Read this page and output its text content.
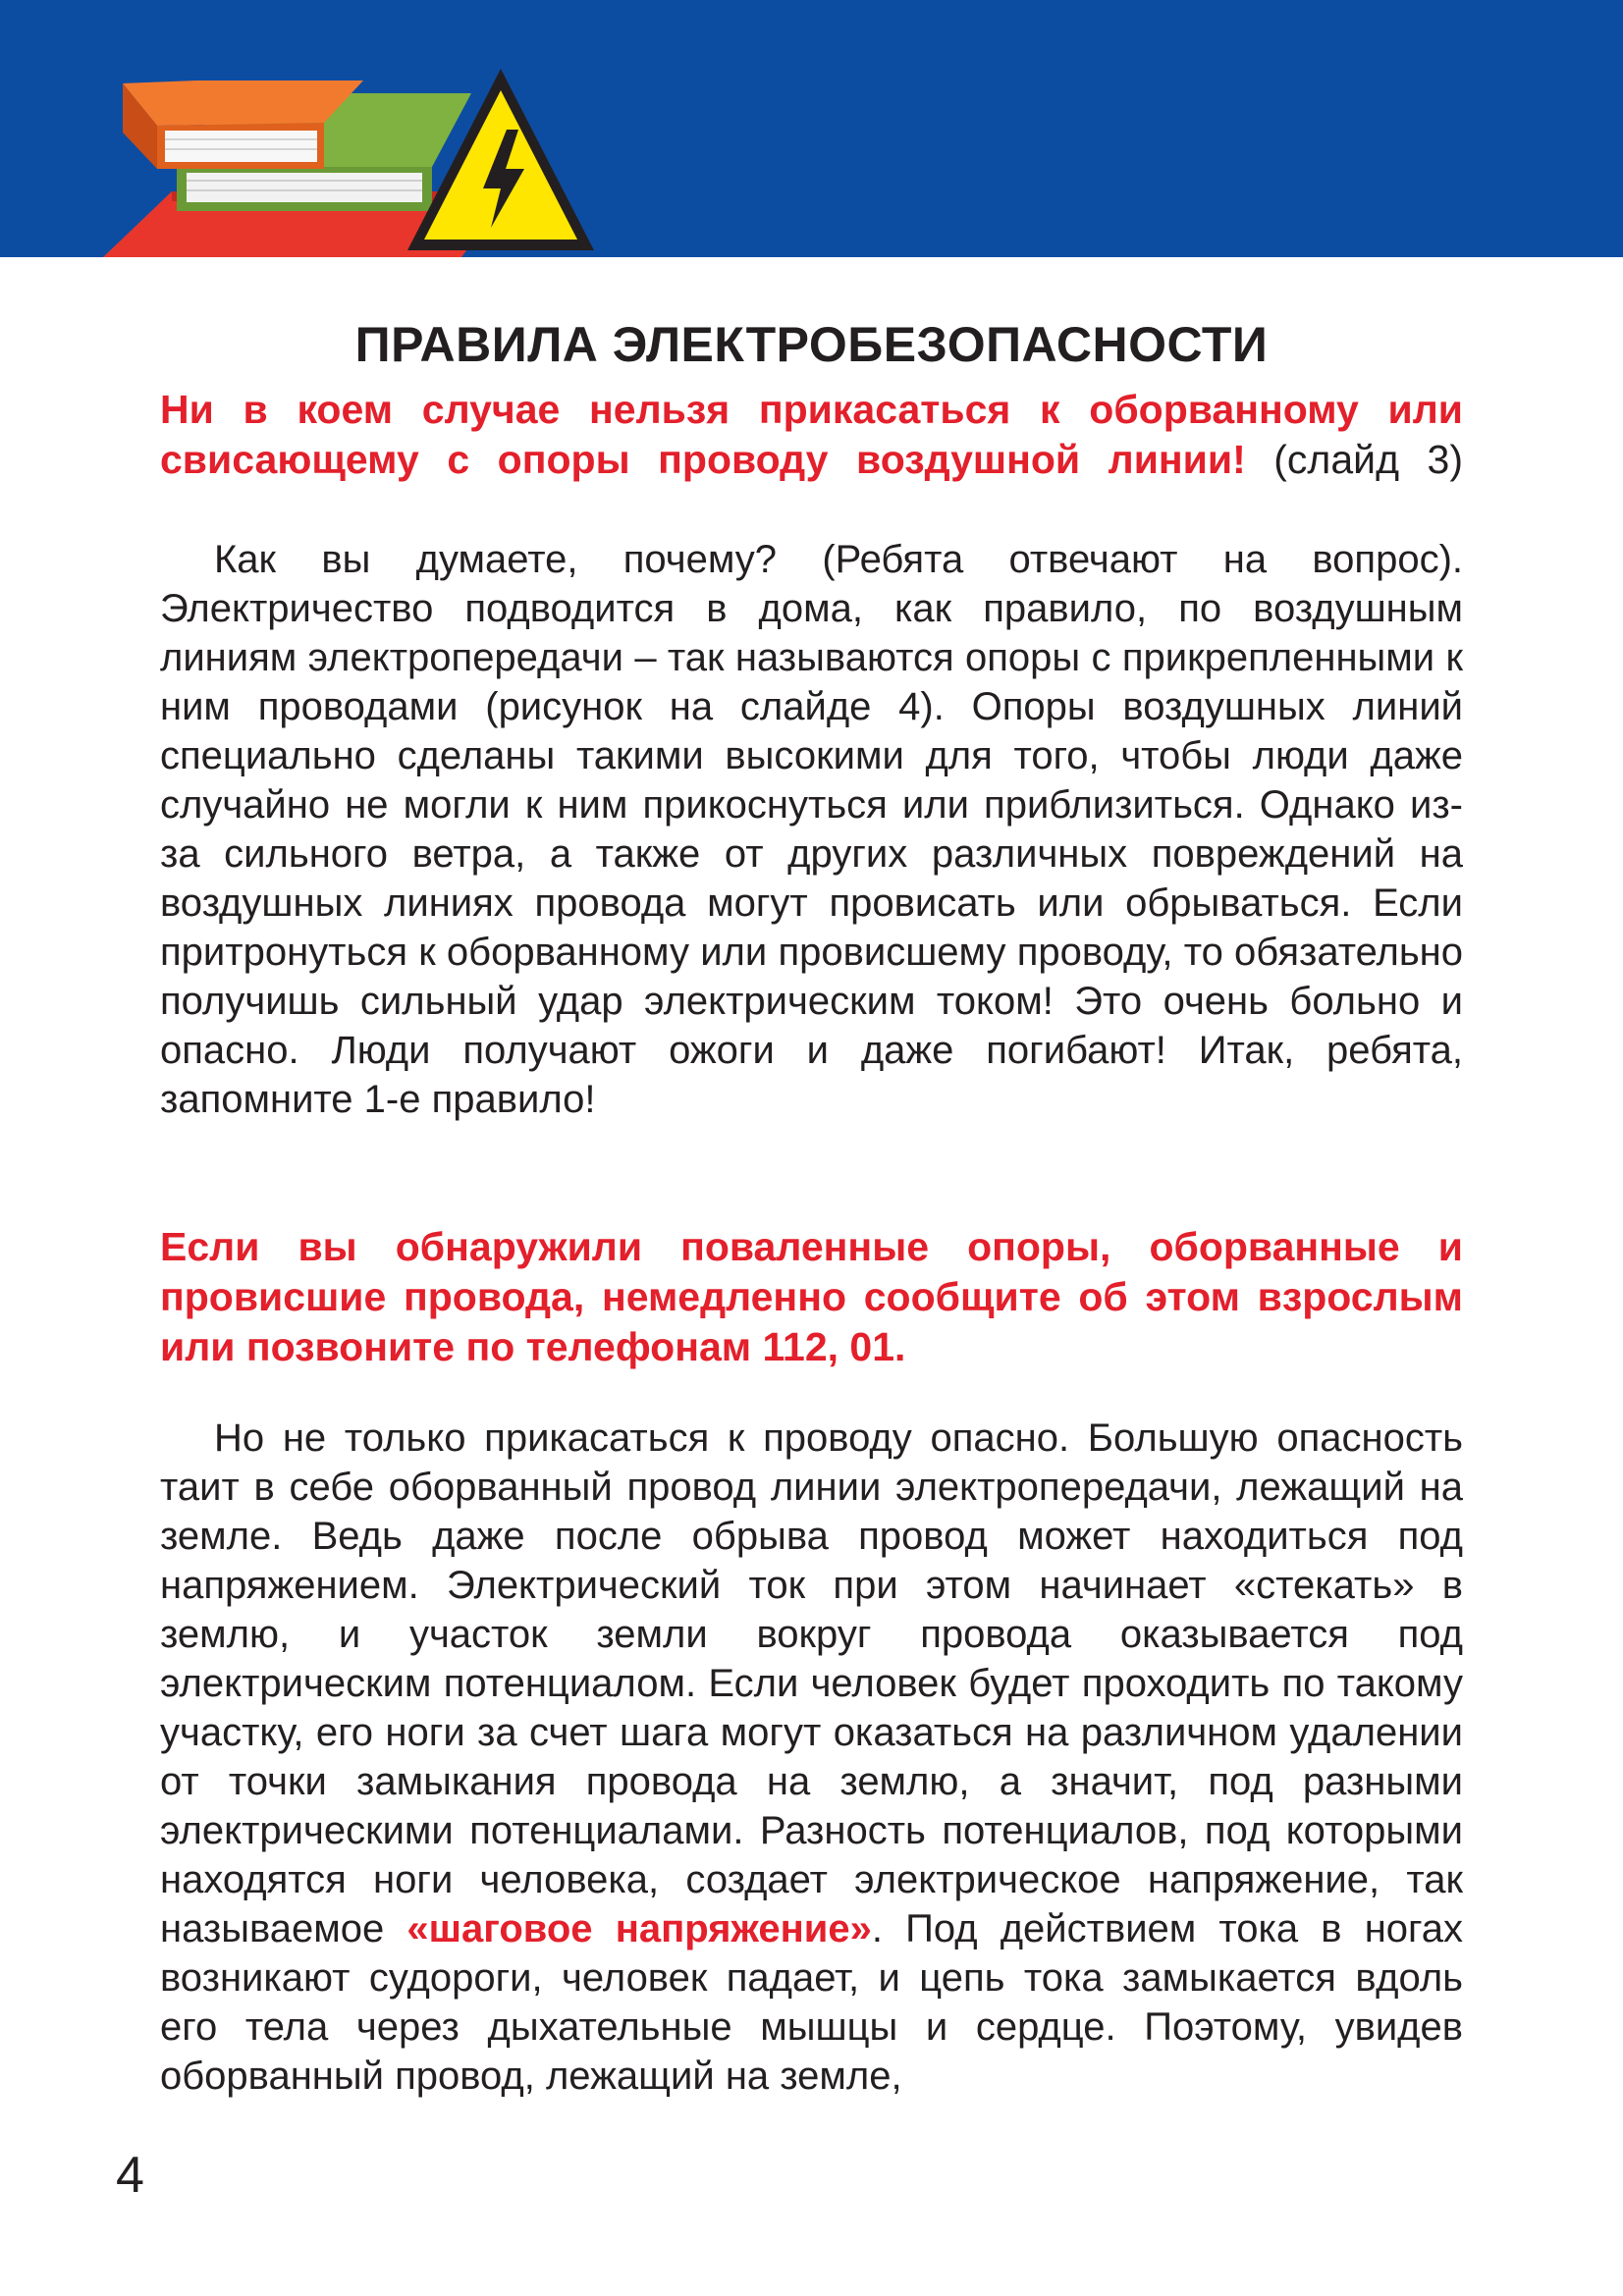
ПРАВИЛА ЭЛЕКТРОБЕЗОПАСНОСТИ
Ни в коем случае нельзя прикасаться к оборванному или свисающему с опоры проводу воздушной линии! (слайд 3)

Как вы думаете, почему? (Ребята отвечают на вопрос). Электричество подводится в дома, как правило, по воздушным линиям электропередачи – так называются опоры с прикрепленными к ним проводами (рисунок на слайде 4). Опоры воздушных линий специально сделаны такими высокими для того, чтобы люди даже случайно не могли к ним прикоснуться или приблизиться. Однако из-за сильного ветра, а также от других различных повреждений на воздушных линиях провода могут провисать или обрываться. Если притронуться к оборванному или провисшему проводу, то обязательно получишь сильный удар электрическим током! Это очень больно и опасно. Люди получают ожоги и даже погибают! Итак, ребята, запомните 1-е правило!

Если вы обнаружили поваленные опоры, оборванные и провисшие провода, немедленно сообщите об этом взрослым или позвоните по телефонам 112, 01.

Но не только прикасаться к проводу опасно. Большую опасность таит в себе оборванный провод линии электропередачи, лежащий на земле. Ведь даже после обрыва провод может находиться под напряжением. Электрический ток при этом начинает «стекать» в землю, и участок земли вокруг провода оказывается под электрическим потенциалом. Если человек будет проходить по такому участку, его ноги за счет шага могут оказаться на различном удалении от точки замыкания провода на землю, а значит, под разными электрическими потенциалами. Разность потенциалов, под которыми находятся ноги человека, создает электрическое напряжение, так называемое «шаговое напряжение». Под действием тока в ногах возникают судороги, человек падает, и цепь тока замыкается вдоль его тела через дыхательные мышцы и сердце. Поэтому, увидев оборванный провод, лежащий на земле,

4
